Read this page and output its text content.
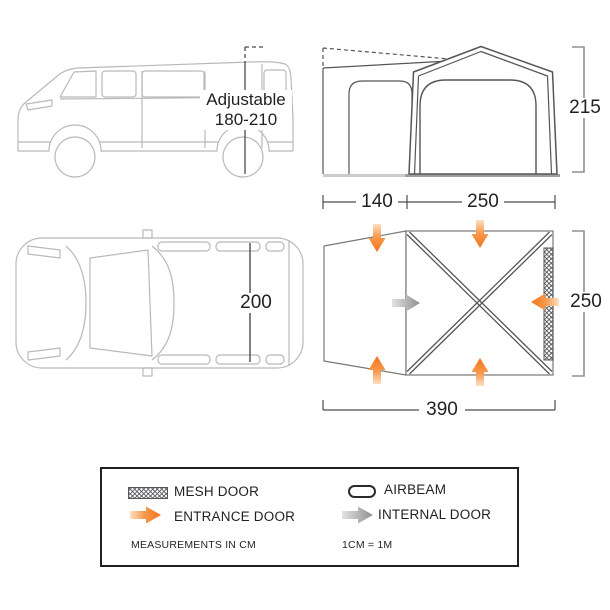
Adjustable
180-210
215
140	250
250
390
200
MESH DOOR	AIRBEAM
ENTRANCE DOOR	INTERNAL DOOR
MEASUREMENTS IN CM	1CM = 1M
